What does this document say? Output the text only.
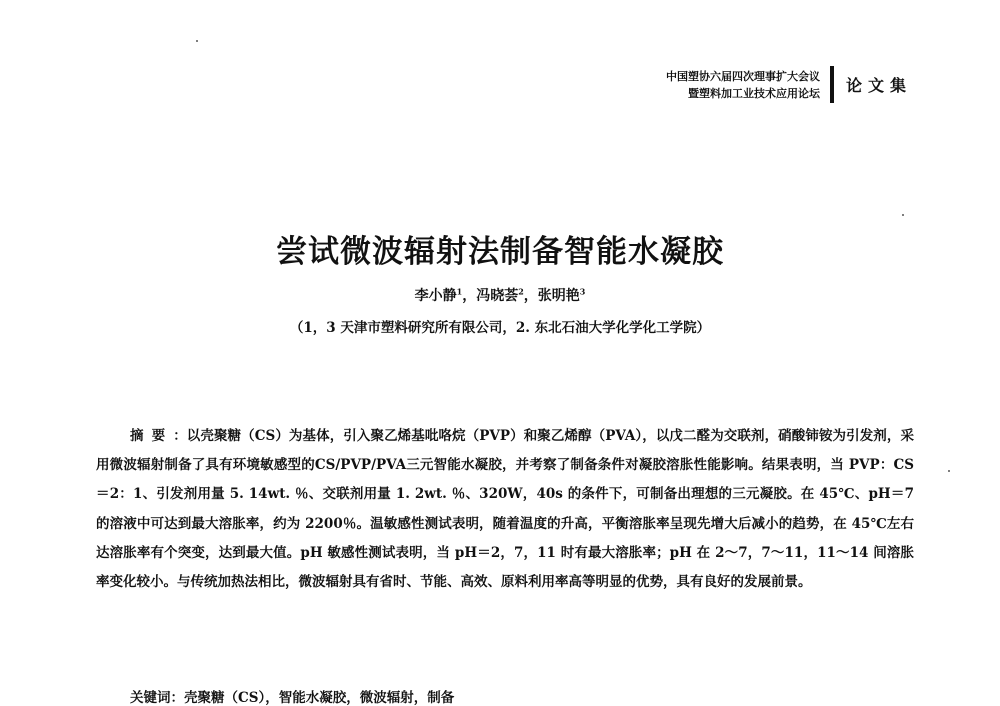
中国塑协六届四次理事扩大会议
暨塑料加工业技术应用论坛 论文集
尝试微波辐射法制备智能水凝胶
李小静$^1$，冯晓荟$^2$，张明艳$^3$
（1，3 天津市塑料研究所有限公司，2. 东北石油大学化学化工学院）
摘要：以壳聚糖（CS）为基体，引入聚乙烯基吡咯烷（PVP）和聚乙烯醇（PVA），以戊二醛为交联剂，硝酸铈铵为引发剂，采用微波辐射制备了具有环境敏感型的CS/PVP/PVA三元智能水凝胶，并考察了制备条件对凝胶溶胀性能影响。结果表明，当 PVP：CS＝2：1、引发剂用量 5. 14wt. ％、交联剂用量 1. 2wt. ％、320W，40s 的条件下，可制备出理想的三元凝胶。在 45℃、pH＝7 的溶液中可达到最大溶胀率，约为 2200％。温敏感性测试表明，随着温度的升高，平衡溶胀率呈现先增大后减小的趋势，在 45℃左右达溶胀率有个突变，达到最大值。pH 敏感性测试表明，当 pH＝2，7，11 时有最大溶胀率；pH 在 2～7，7～11，11～14 间溶胀率变化较小。与传统加热法相比，微波辐射具有省时、节能、高效、原料利用率高等明显的优势，具有良好的发展前景。
关键词：壳聚糖（CS），智能水凝胶，微波辐射，制备
